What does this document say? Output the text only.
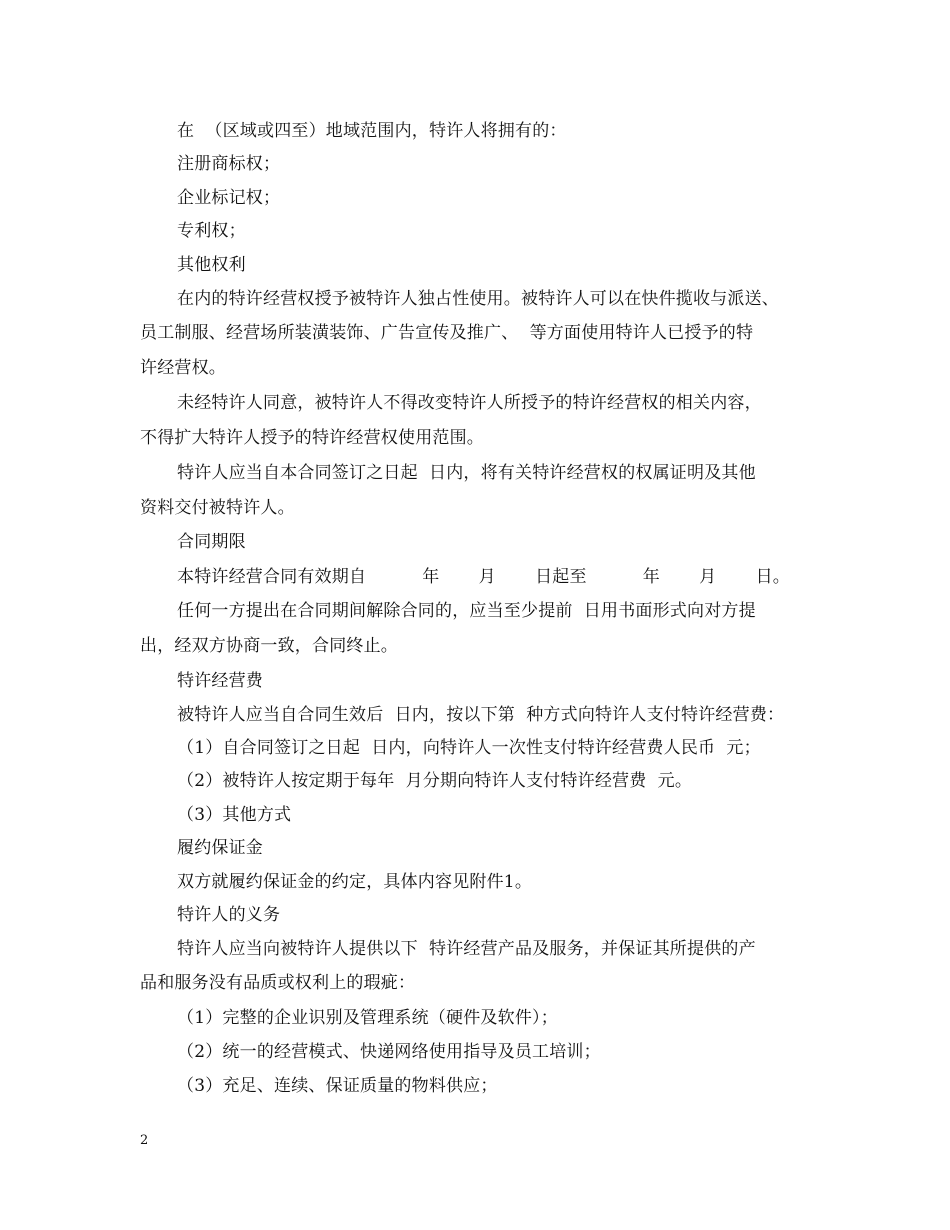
在  （区域或四至）地域范围内，特许人将拥有的：
注册商标权；
企业标记权；
专利权；
其他权利
在内的特许经营权授予被特许人独占性使用。被特许人可以在快件揽收与派送、
员工制服、经营场所装潢装饰、广告宣传及推广、  等方面使用特许人已授予的特
许经营权。
未经特许人同意，被特许人不得改变特许人所授予的特许经营权的相关内容，
不得扩大特许人授予的特许经营权使用范围。
特许人应当自本合同签订之日起  日内，将有关特许经营权的权属证明及其他
资料交付被特许人。
合同期限
本特许经营合同有效期自          年       月       日起至          年       月       日。
任何一方提出在合同期间解除合同的，应当至少提前  日用书面形式向对方提
出，经双方协商一致，合同终止。
特许经营费
被特许人应当自合同生效后  日内，按以下第  种方式向特许人支付特许经营费：
（1）自合同签订之日起  日内，向特许人一次性支付特许经营费人民币  元；
（2）被特许人按定期于每年  月分期向特许人支付特许经营费  元。
（3）其他方式
履约保证金
双方就履约保证金的约定，具体内容见附件1。
特许人的义务
特许人应当向被特许人提供以下  特许经营产品及服务，并保证其所提供的产
品和服务没有品质或权利上的瑕疵：
（1）完整的企业识别及管理系统（硬件及软件）；
（2）统一的经营模式、快递网络使用指导及员工培训；
（3）充足、连续、保证质量的物料供应；
2
